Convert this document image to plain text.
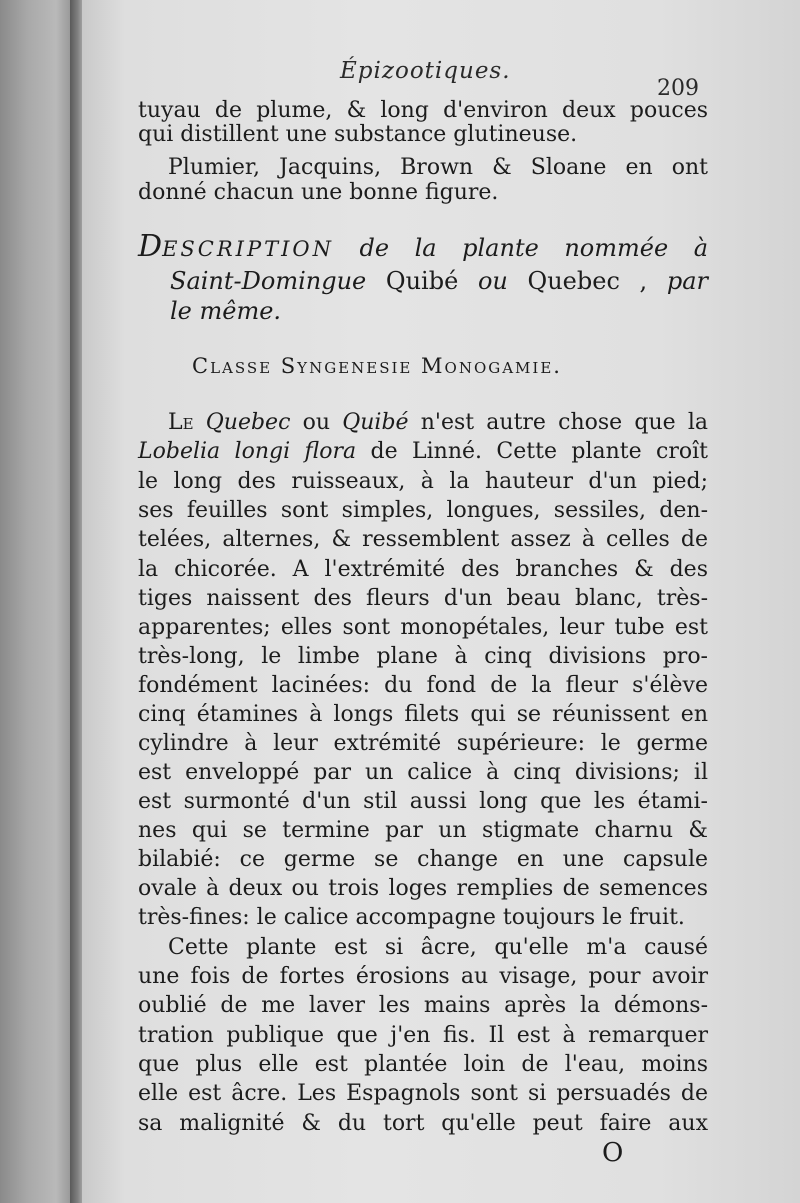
Épizootiques.
209
tuyau de plume, & long d'environ deux pouces
qui distillent une substance glutineuse.
Plumier, Jacquins, Brown & Sloane en ont
donné chacun une bonne figure.
DESCRIPTION de la plante nommée à
Saint-Domingue Quibé ou Quebec , par
le même.
Classe Syngenesie Monogamie.
Le Quebec ou Quibé n'est autre chose que la
Lobelia longi flora de Linné. Cette plante croît
le long des ruisseaux, à la hauteur d'un pied;
ses feuilles sont simples, longues, sessiles, den-
telées, alternes, & ressemblent assez à celles de
la chicorée. A l'extrémité des branches & des
tiges naissent des fleurs d'un beau blanc, très-
apparentes; elles sont monopétales, leur tube est
très-long, le limbe plane à cinq divisions pro-
fondément lacinées: du fond de la fleur s'élève
cinq étamines à longs filets qui se réunissent en
cylindre à leur extrémité supérieure: le germe
est enveloppé par un calice à cinq divisions; il
est surmonté d'un stil aussi long que les étami-
nes qui se termine par un stigmate charnu &
bilabié: ce germe se change en une capsule
ovale à deux ou trois loges remplies de semences
très-fines: le calice accompagne toujours le fruit.
Cette plante est si âcre, qu'elle m'a causé
une fois de fortes érosions au visage, pour avoir
oublié de me laver les mains après la démons-
tration publique que j'en fis. Il est à remarquer
que plus elle est plantée loin de l'eau, moins
elle est âcre. Les Espagnols sont si persuadés de
sa malignité & du tort qu'elle peut faire aux
O
